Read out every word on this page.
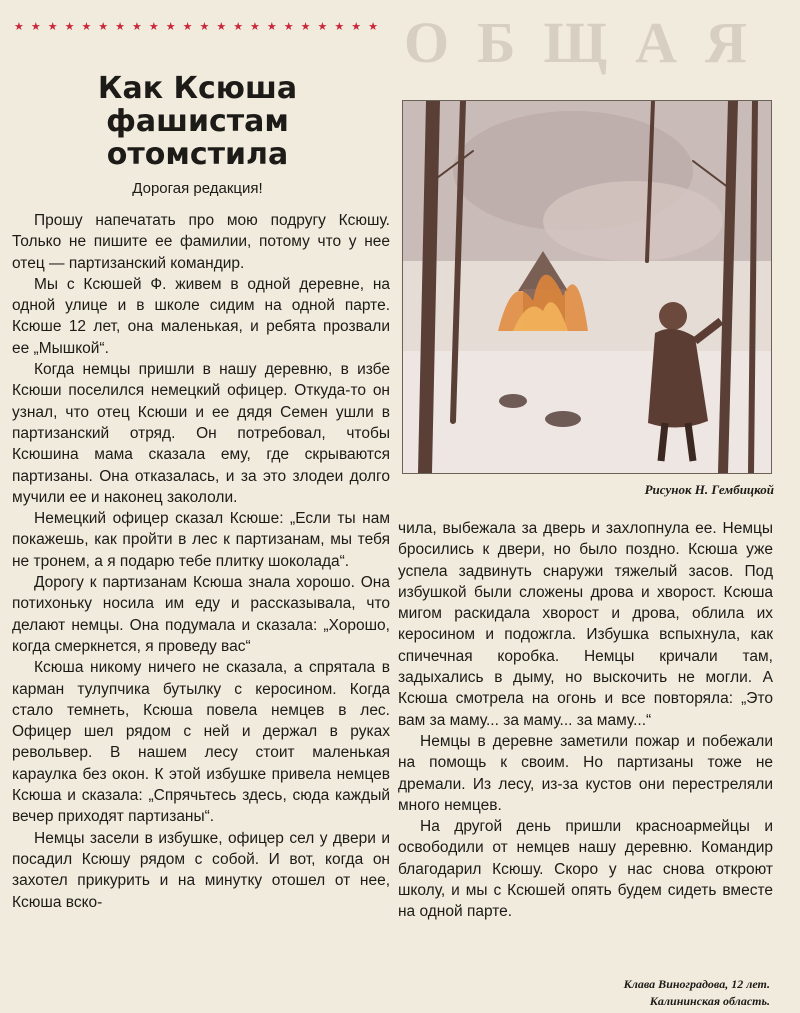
★★★★★★★★★★★★★★★★★★★★★★ ОБЩАЯ
Как Ксюша
фашистам
отомстила
Дорогая редакция!

Прошу напечатать про мою подругу Ксюшу. Только не пишите ее фамилии, потому что у нее отец — партизанский командир.

Мы с Ксюшей Ф. живем в одной деревне, на одной улице и в школе сидим на одной парте. Ксюше 12 лет, она маленькая, и ребята прозвали ее „Мышкой“.

Когда немцы пришли в нашу деревню, в избе Ксюши поселился немецкий офицер. Откуда-то он узнал, что отец Ксюши и ее дядя Семен ушли в партизанский отряд. Он потребовал, чтобы Ксюшина мама сказала ему, где скрываются партизаны. Она отказалась, и за это злодеи долго мучили ее и наконец закололи.

Немецкий офицер сказал Ксюше: „Если ты нам покажешь, как пройти в лес к партизанам, мы тебя не тронем, а я подарю тебе плитку шоколада“.

Дорогу к партизанам Ксюша знала хорошо. Она потихоньку носила им еду и рассказывала, что делают немцы. Она подумала и сказала: „Хорошо, когда смеркнется, я проведу вас“

Ксюша никому ничего не сказала, а спрятала в карман тулупчика бутылку с керосином. Когда стало темнеть, Ксюша повела немцев в лес. Офицер шел рядом с ней и держал в руках револьвер. В нашем лесу стоит маленькая караулка без окон. К этой избушке привела немцев Ксюша и сказала: „Спрячьтесь здесь, сюда каждый вечер приходят партизаны“.

Немцы засели в избушке, офицер сел у двери и посадил Ксюшу рядом с собой. И вот, когда он захотел прикурить и на минутку отошел от нее, Ксюша вско-

Рисунок Н. Гембицкой

чила, выбежала за дверь и захлопнула ее. Немцы бросились к двери, но было поздно. Ксюша уже успела задвинуть снаружи тяжелый засов. Под избушкой были сложены дрова и хворост. Ксюша мигом раскидала хворост и дрова, облила их керосином и подожгла. Избушка вспыхнула, как спичечная коробка. Немцы кричали там, задыхались в дыму, но выскочить не могли. А Ксюша смотрела на огонь и все повторяла: „Это вам за маму... за маму... за маму...“

Немцы в деревне заметили пожар и побежали на помощь к своим. Но партизаны тоже не дремали. Из лесу, из-за кустов они перестреляли много немцев.

На другой день пришли красноармейцы и освободили от немцев нашу деревню. Командир благодарил Ксюшу. Скоро у нас снова откроют школу, и мы с Ксюшей опять будем сидеть вместе на одной парте.

Клава Виноградова, 12 лет.
Калининская область.
